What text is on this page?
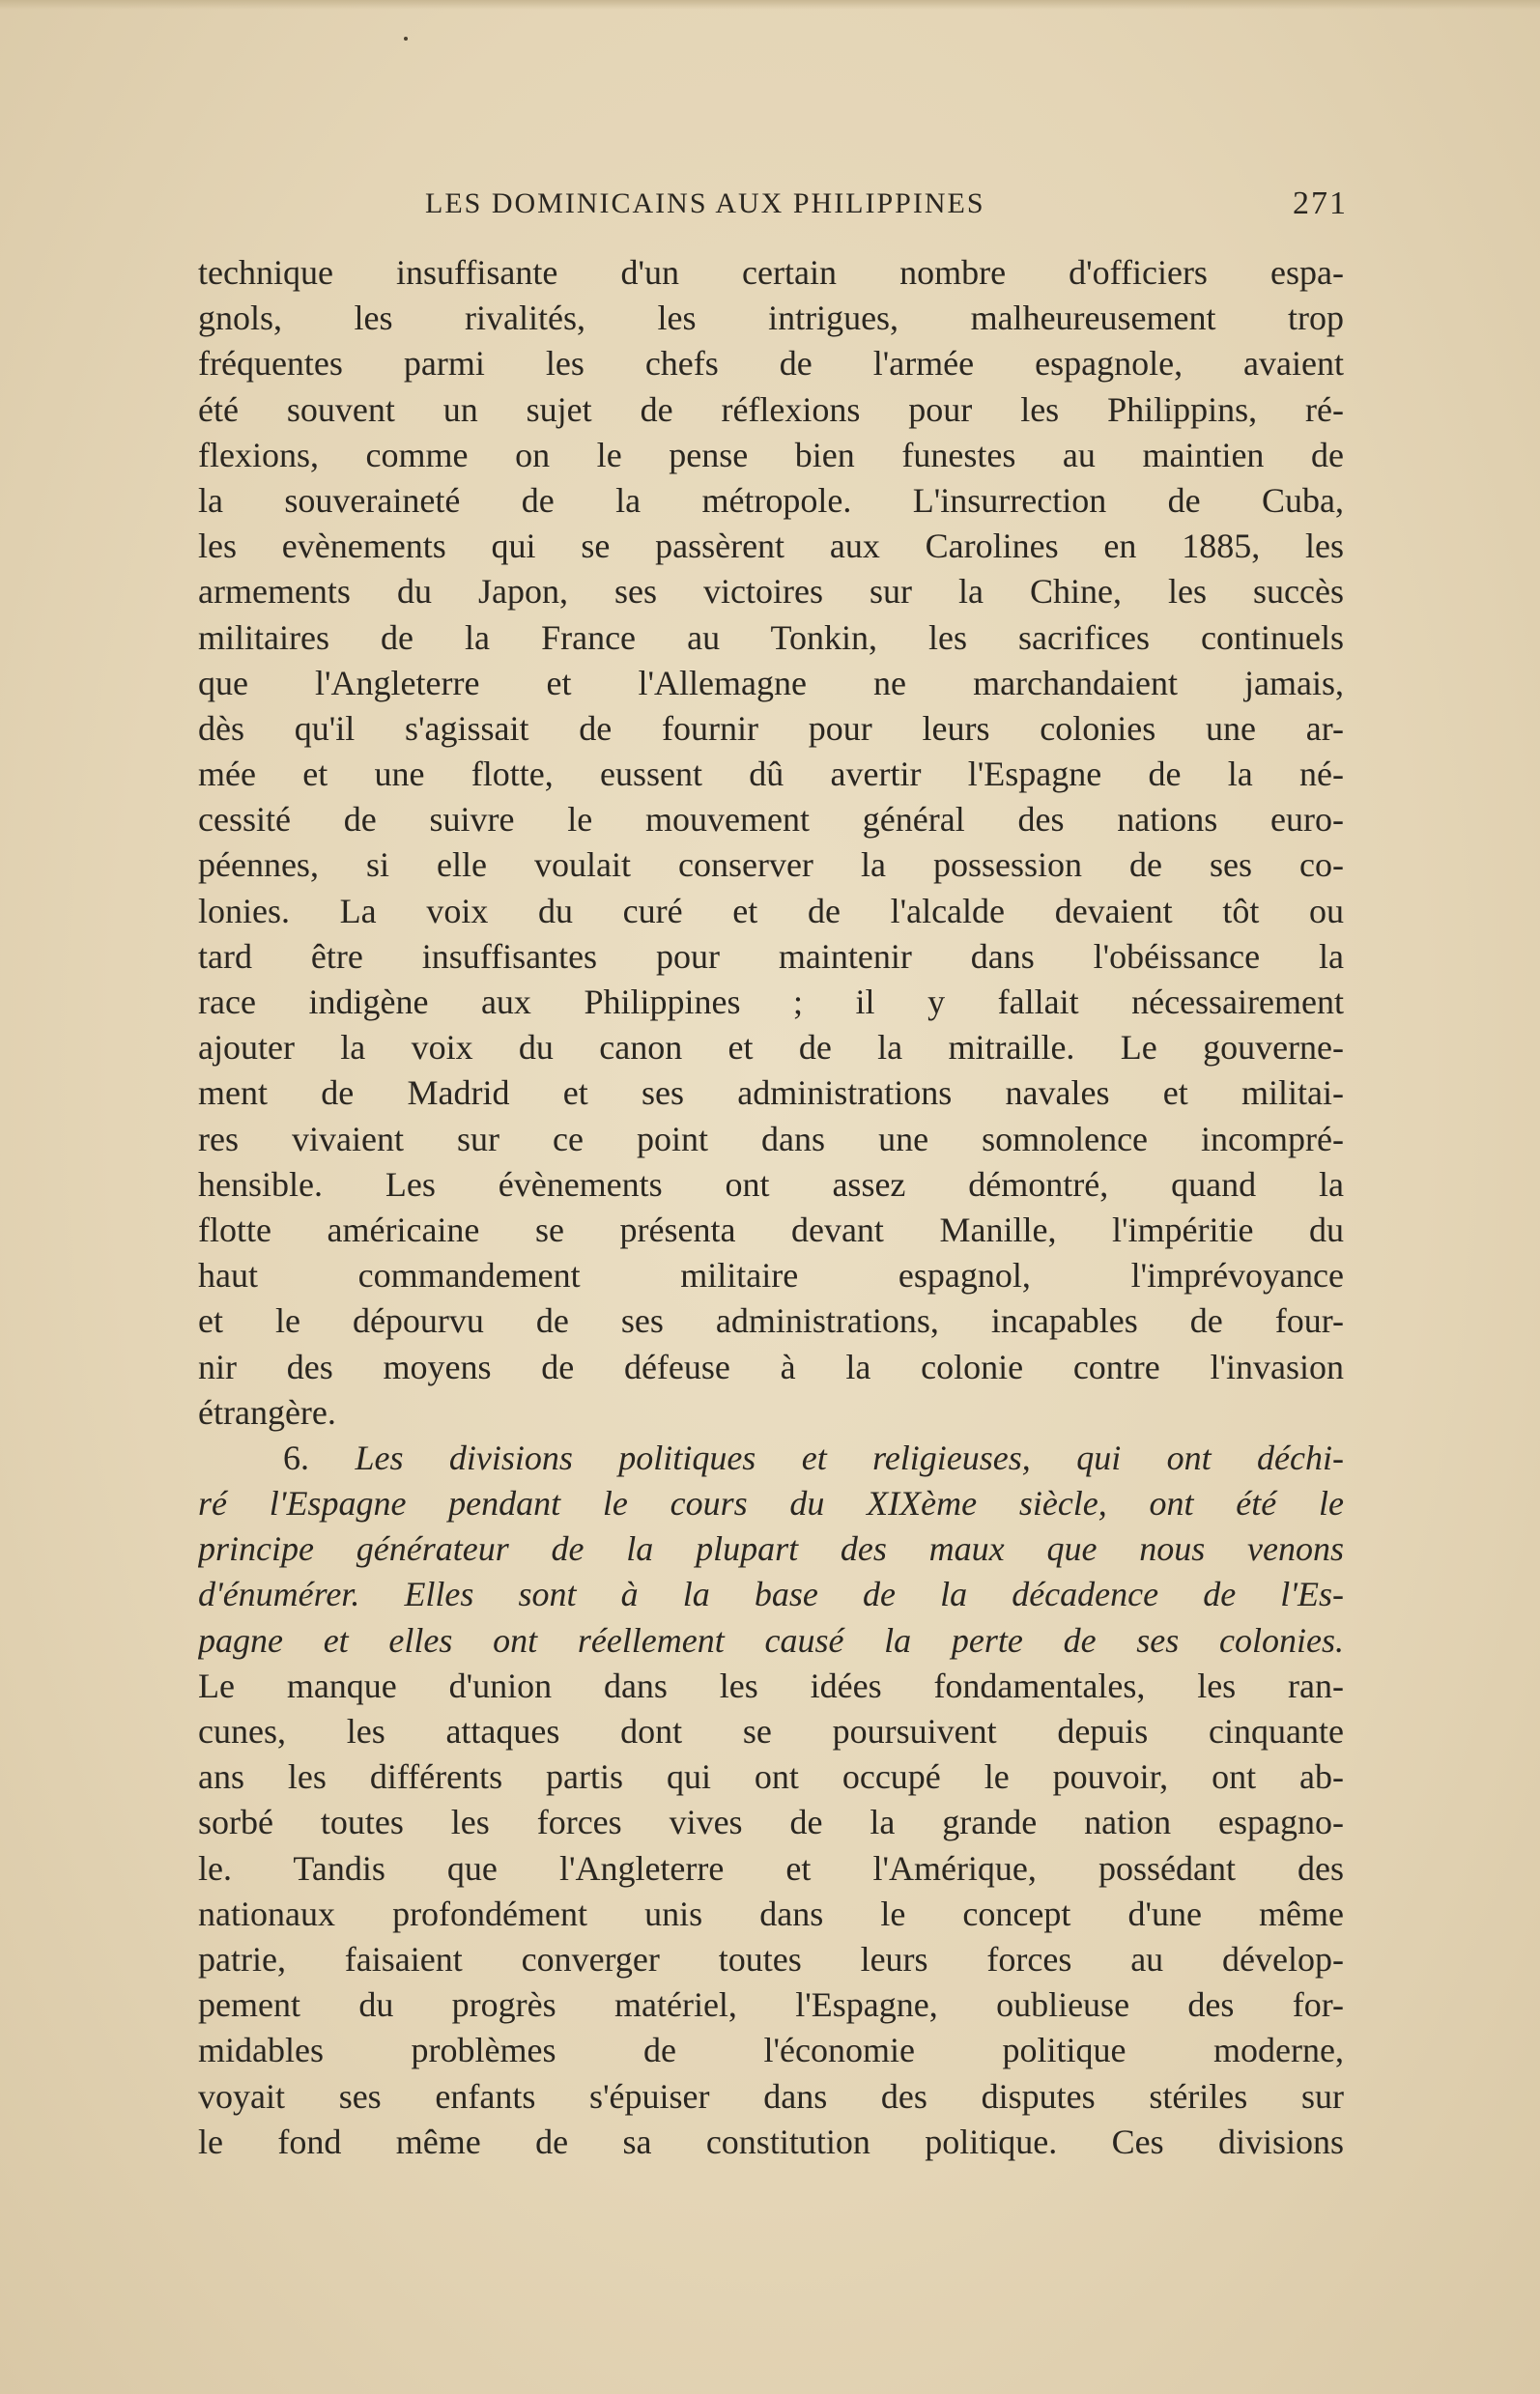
LES DOMINICAINS AUX PHILIPPINES	271
technique insuffisante d'un certain nombre d'officiers espa-
gnols, les rivalités, les intrigues, malheureusement trop
fréquentes parmi les chefs de l'armée espagnole, avaient
été souvent un sujet de réflexions pour les Philippins, ré-
flexions, comme on le pense bien funestes au maintien de
la souveraineté de la métropole. L'insurrection de Cuba,
les evènements qui se passèrent aux Carolines en 1885, les
armements du Japon, ses victoires sur la Chine, les succès
militaires de la France au Tonkin, les sacrifices continuels
que l'Angleterre et l'Allemagne ne marchandaient jamais,
dès qu'il s'agissait de fournir pour leurs colonies une ar-
mée et une flotte, eussent dû avertir l'Espagne de la né-
cessité de suivre le mouvement général des nations euro-
péennes, si elle voulait conserver la possession de ses co-
lonies. La voix du curé et de l'alcalde devaient tôt ou
tard être insuffisantes pour maintenir dans l'obéissance la
race indigène aux Philippines ; il y fallait nécessairement
ajouter la voix du canon et de la mitraille. Le gouverne-
ment de Madrid et ses administrations navales et militai-
res vivaient sur ce point dans une somnolence incompré-
hensible. Les évènements ont assez démontré, quand la
flotte américaine se présenta devant Manille, l'impéritie du
haut commandement militaire espagnol, l'imprévoyance
et le dépourvu de ses administrations, incapables de four-
nir des moyens de défeuse à la colonie contre l'invasion
étrangère.
6. Les divisions politiques et religieuses, qui ont déchi-
ré l'Espagne pendant le cours du XIXème siècle, ont été le
principe générateur de la plupart des maux que nous venons
d'énumérer. Elles sont à la base de la décadence de l'Es-
pagne et elles ont réellement causé la perte de ses colonies.
Le manque d'union dans les idées fondamentales, les ran-
cunes, les attaques dont se poursuivent depuis cinquante
ans les différents partis qui ont occupé le pouvoir, ont ab-
sorbé toutes les forces vives de la grande nation espagno-
le. Tandis que l'Angleterre et l'Amérique, possédant des
nationaux profondément unis dans le concept d'une même
patrie, faisaient converger toutes leurs forces au dévelop-
pement du progrès matériel, l'Espagne, oublieuse des for-
midables problèmes de l'économie politique moderne,
voyait ses enfants s'épuiser dans des disputes stériles sur
le fond même de sa constitution politique. Ces divisions
